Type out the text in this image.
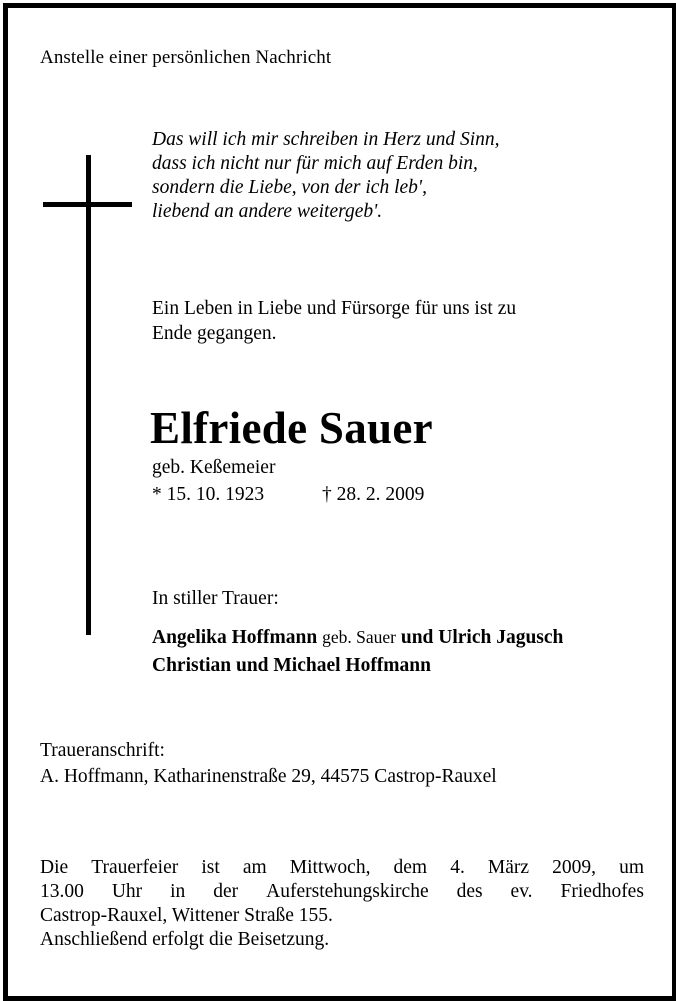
Anstelle einer persönlichen Nachricht
Das will ich mir schreiben in Herz und Sinn,
dass ich nicht nur für mich auf Erden bin,
sondern die Liebe, von der ich leb',
liebend an andere weitergeb'.
Ein Leben in Liebe und Fürsorge für uns ist zu
Ende gegangen.
Elfriede Sauer
geb. Keßemeier
* 15. 10. 1923	† 28. 2. 2009
In stiller Trauer:
Angelika Hoffmann geb. Sauer und Ulrich Jagusch
Christian und Michael Hoffmann
Traueranschrift:
A. Hoffmann, Katharinenstraße 29, 44575 Castrop-Rauxel
Die Trauerfeier ist am Mittwoch, dem 4. März 2009, um
13.00 Uhr in der Auferstehungskirche des ev. Friedhofes
Castrop-Rauxel, Wittener Straße 155.
Anschließend erfolgt die Beisetzung.
